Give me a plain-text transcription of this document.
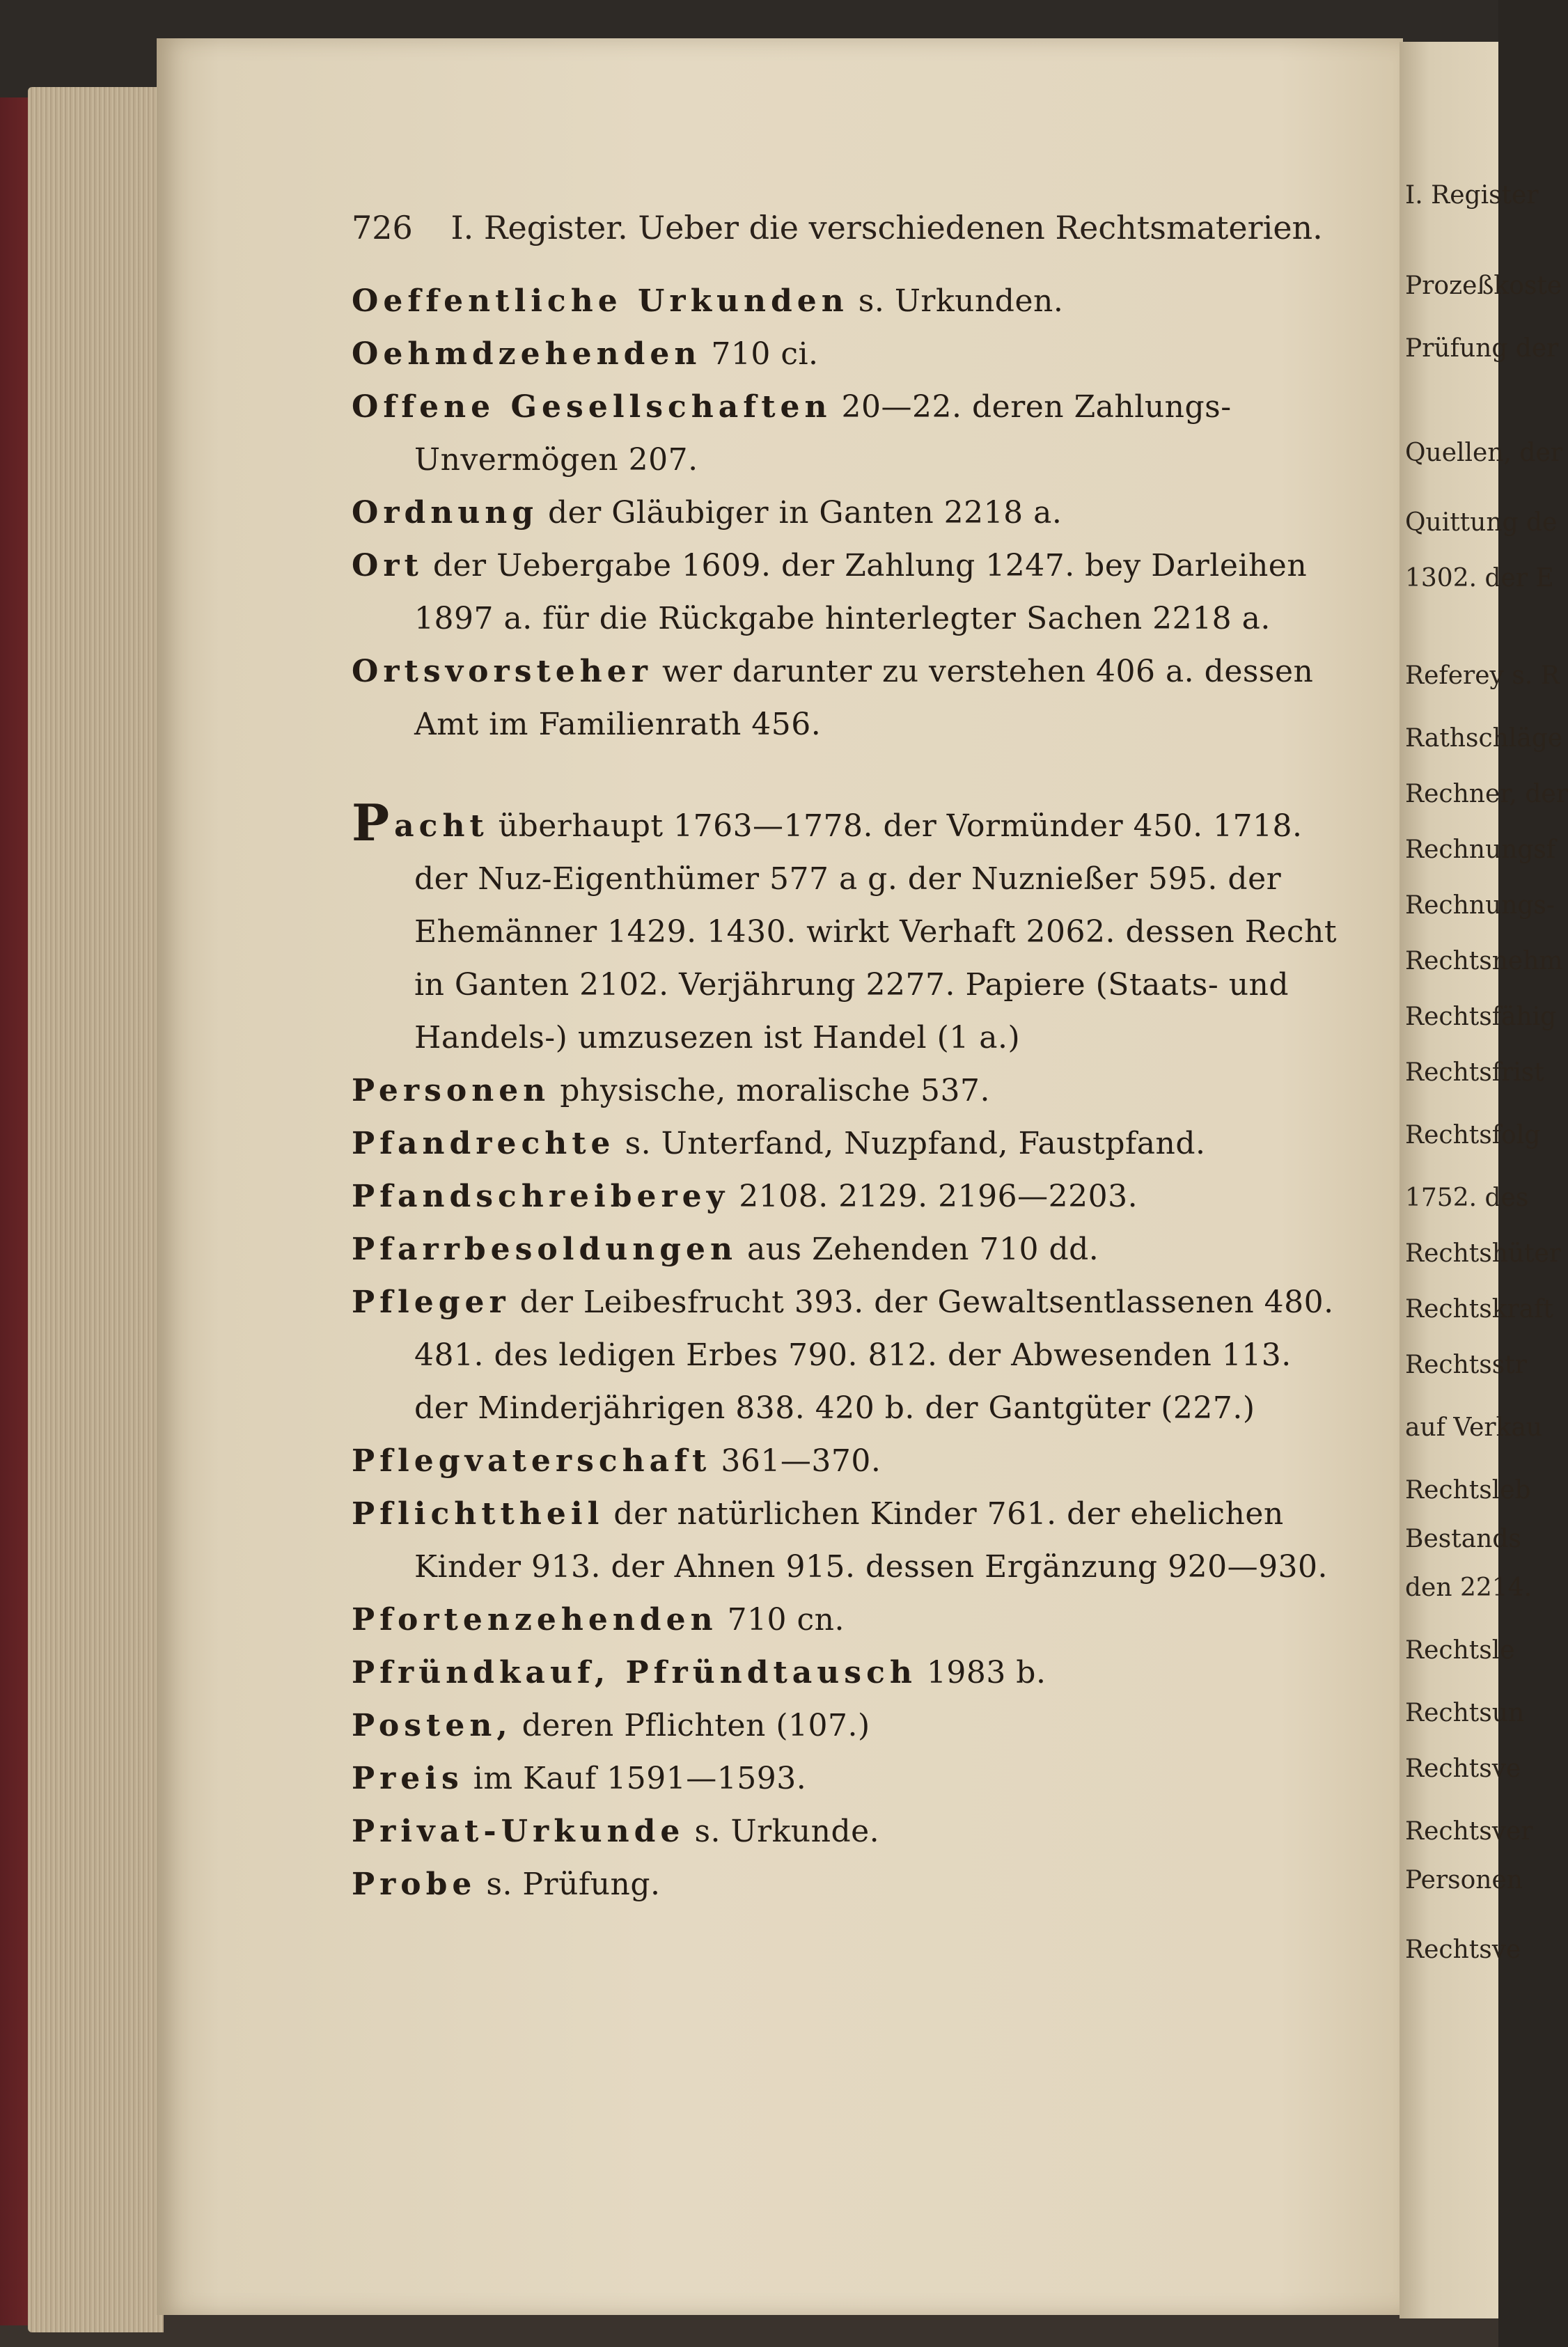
I. Register
Prozeßkoste
Prüfung der
Quellen, der
Quittung de
1302. der E
Referey s. R
Rathschläge
Rechner, der
Rechnungsf
Rechnungs-
Rechtsnehm
Rechtsfähig
Rechtsfrist
Rechtsfolg
1752. des
Rechtshüter
Rechtskraft
Rechtsstr
auf Verkau
Rechtsleb
Bestands
den 2214.
Rechtsle
Rechtsun
Rechtsve
Rechtsver
Personen
Rechtsve
726 I. Register. Ueber die verschiedenen Rechtsmaterien.

Oeffentliche Urkunden s. Urkunden.

Oehmdzehenden 710 ci.

Offene Gesellschaften 20—22. deren Zahlungs-Unvermögen 207.

Ordnung der Gläubiger in Ganten 2218 a.

Ort der Uebergabe 1609. der Zahlung 1247. bey Darleihen 1897 a. für die Rückgabe hinterlegter Sachen 2218 a.

Ortsvorsteher wer darunter zu verstehen 406 a. dessen Amt im Familienrath 456.

Pacht überhaupt 1763—1778. der Vormünder 450. 1718. der Nuz-Eigenthümer 577 a g. der Nuznießer 595. der Ehemänner 1429. 1430. wirkt Verhaft 2062. dessen Recht in Ganten 2102. Verjährung 2277. Papiere (Staats- und Handels-) umzusezen ist Handel (1 a.)

Personen physische, moralische 537.

Pfandrechte s. Unterfand, Nuzpfand, Faustpfand.

Pfandschreiberey 2108. 2129. 2196—2203.

Pfarrbesoldungen aus Zehenden 710 dd.

Pfleger der Leibesfrucht 393. der Gewaltsentlassenen 480. 481. des ledigen Erbes 790. 812. der Abwesenden 113. der Minderjährigen 838. 420 b. der Gantgüter (227.)

Pflegvaterschaft 361—370.

Pflichttheil der natürlichen Kinder 761. der ehelichen Kinder 913. der Ahnen 915. dessen Ergänzung 920—930.

Pfortenzehenden 710 cn.

Pfründkauf, Pfründtausch 1983 b.

Posten, deren Pflichten (107.)

Preis im Kauf 1591—1593.

Privat-Urkunde s. Urkunde.

Probe s. Prüfung.
